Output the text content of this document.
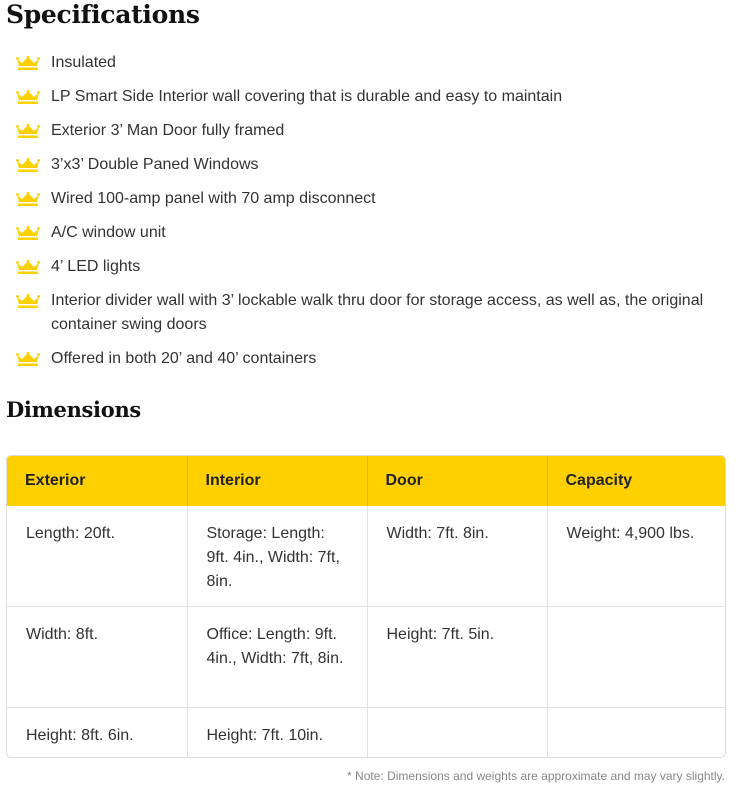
Specifications
Insulated
LP Smart Side Interior wall covering that is durable and easy to maintain
Exterior 3’ Man Door fully framed
3’x3’ Double Paned Windows
Wired 100-amp panel with 70 amp disconnect
A/C window unit
4’ LED lights
Interior divider wall with 3’ lockable walk thru door for storage access, as well as, the original container swing doors
Offered in both 20’ and 40’ containers
Dimensions
Exterior	Interior	Door	Capacity
Length: 20ft.	Storage: Length: 9ft. 4in., Width: 7ft, 8in.	Width: 7ft. 8in.	Weight: 4,900 lbs.
Width: 8ft.	Office: Length: 9ft. 4in., Width: 7ft, 8in.	Height: 7ft. 5in.	
Height: 8ft. 6in.	Height: 7ft. 10in.		
* Note: Dimensions and weights are approximate and may vary slightly.
